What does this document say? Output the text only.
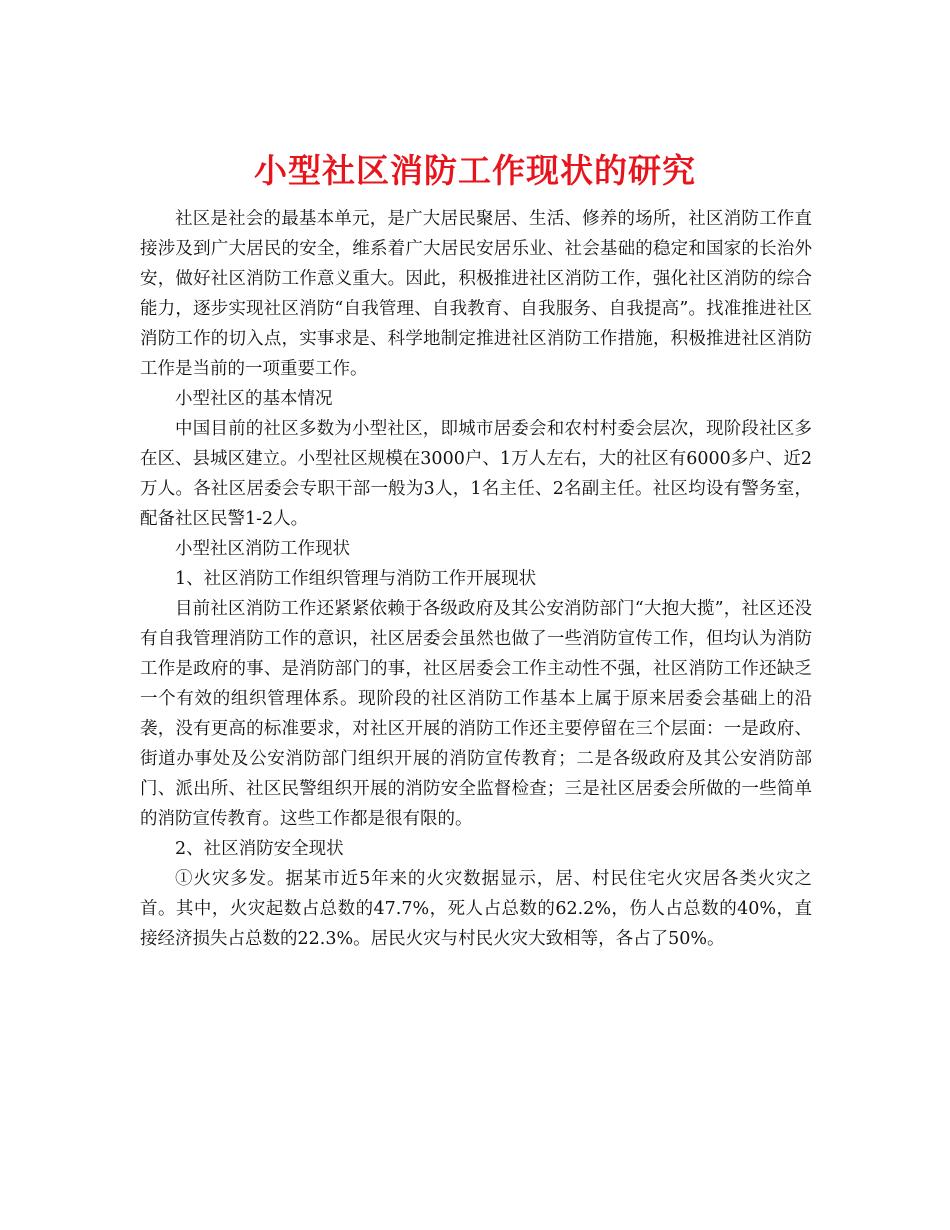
小型社区消防工作现状的研究

社区是社会的最基本单元，是广大居民聚居、生活、修养的场所，社区消防工作直接涉及到广大居民的安全，维系着广大居民安居乐业、社会基础的稳定和国家的长治外安，做好社区消防工作意义重大。因此，积极推进社区消防工作，强化社区消防的综合能力，逐步实现社区消防“自我管理、自我教育、自我服务、自我提高”。找准推进社区消防工作的切入点，实事求是、科学地制定推进社区消防工作措施，积极推进社区消防工作是当前的一项重要工作。

小型社区的基本情况

中国目前的社区多数为小型社区，即城市居委会和农村村委会层次，现阶段社区多在区、县城区建立。小型社区规模在3000户、1万人左右，大的社区有6000多户、近2万人。各社区居委会专职干部一般为3人，1名主任、2名副主任。社区均设有警务室，配备社区民警1-2人。

小型社区消防工作现状

1、社区消防工作组织管理与消防工作开展现状

目前社区消防工作还紧紧依赖于各级政府及其公安消防部门“大抱大揽”，社区还没有自我管理消防工作的意识，社区居委会虽然也做了一些消防宣传工作，但均认为消防工作是政府的事、是消防部门的事，社区居委会工作主动性不强，社区消防工作还缺乏一个有效的组织管理体系。现阶段的社区消防工作基本上属于原来居委会基础上的沿袭，没有更高的标准要求，对社区开展的消防工作还主要停留在三个层面：一是政府、街道办事处及公安消防部门组织开展的消防宣传教育；二是各级政府及其公安消防部门、派出所、社区民警组织开展的消防安全监督检查；三是社区居委会所做的一些简单的消防宣传教育。这些工作都是很有限的。

2、社区消防安全现状

①火灾多发。据某市近5年来的火灾数据显示，居、村民住宅火灾居各类火灾之首。其中，火灾起数占总数的47.7%，死人占总数的62.2%，伤人占总数的40%，直接经济损失占总数的22.3%。居民火灾与村民火灾大致相等，各占了50%。
